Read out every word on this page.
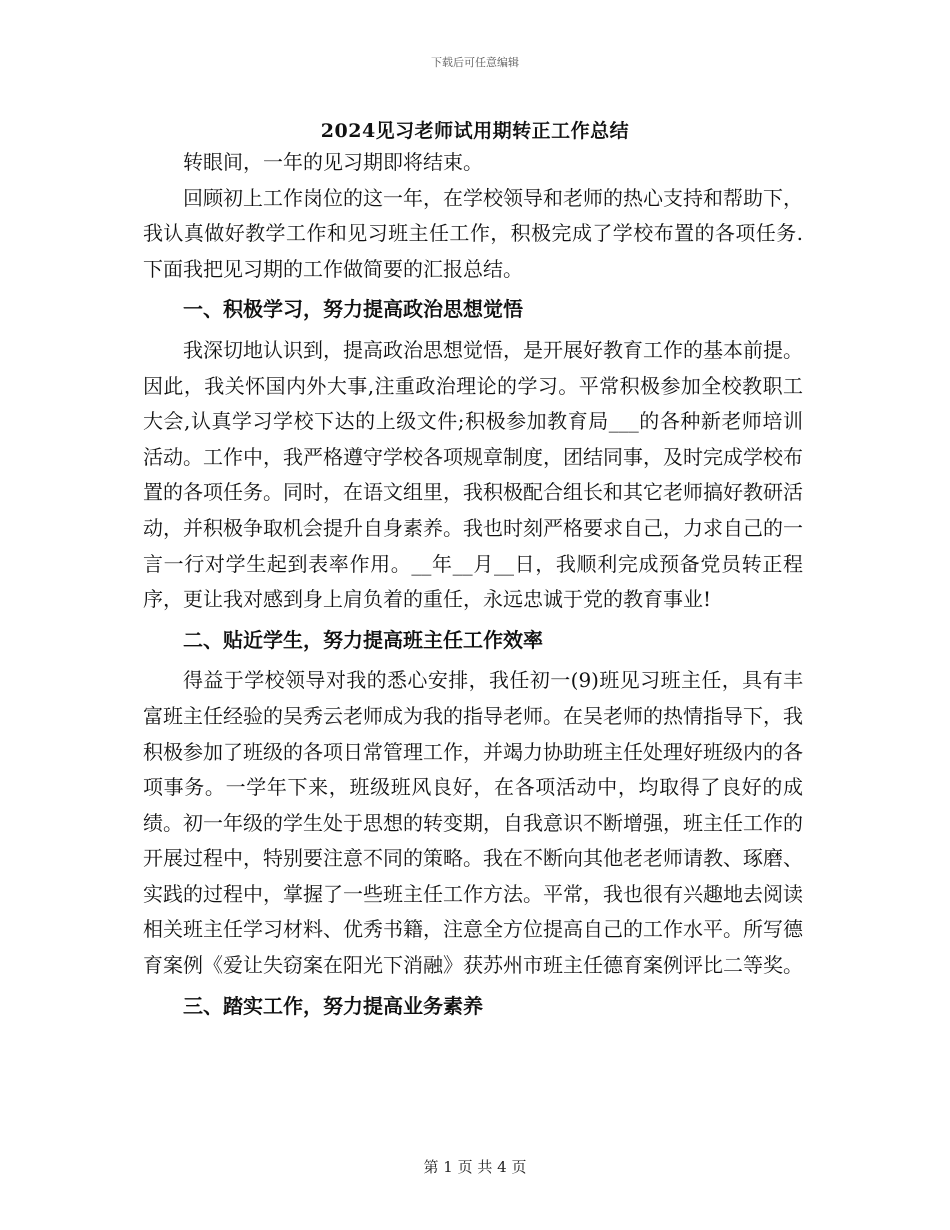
下载后可任意编辑
2024见习老师试用期转正工作总结

转眼间，一年的见习期即将结束。

回顾初上工作岗位的这一年，在学校领导和老师的热心支持和帮助下，我认真做好教学工作和见习班主任工作，积极完成了学校布置的各项任务.下面我把见习期的工作做简要的汇报总结。

一、积极学习，努力提高政治思想觉悟

我深切地认识到，提高政治思想觉悟，是开展好教育工作的基本前提。因此，我关怀国内外大事,注重政治理论的学习。平常积极参加全校教职工大会,认真学习学校下达的上级文件;积极参加教育局___的各种新老师培训活动。工作中，我严格遵守学校各项规章制度，团结同事，及时完成学校布置的各项任务。同时，在语文组里，我积极配合组长和其它老师搞好教研活动，并积极争取机会提升自身素养。我也时刻严格要求自己，力求自己的一言一行对学生起到表率作用。__年__月__日，我顺利完成预备党员转正程序，更让我对感到身上肩负着的重任，永远忠诚于党的教育事业!

二、贴近学生，努力提高班主任工作效率

得益于学校领导对我的悉心安排，我任初一(9)班见习班主任，具有丰富班主任经验的吴秀云老师成为我的指导老师。在吴老师的热情指导下，我积极参加了班级的各项日常管理工作，并竭力协助班主任处理好班级内的各项事务。一学年下来，班级班风良好，在各项活动中，均取得了良好的成绩。初一年级的学生处于思想的转变期，自我意识不断增强，班主任工作的开展过程中，特别要注意不同的策略。我在不断向其他老老师请教、琢磨、实践的过程中，掌握了一些班主任工作方法。平常，我也很有兴趣地去阅读相关班主任学习材料、优秀书籍，注意全方位提高自己的工作水平。所写德育案例《爱让失窃案在阳光下消融》获苏州市班主任德育案例评比二等奖。

三、踏实工作，努力提高业务素养

第 1 页 共 4 页
